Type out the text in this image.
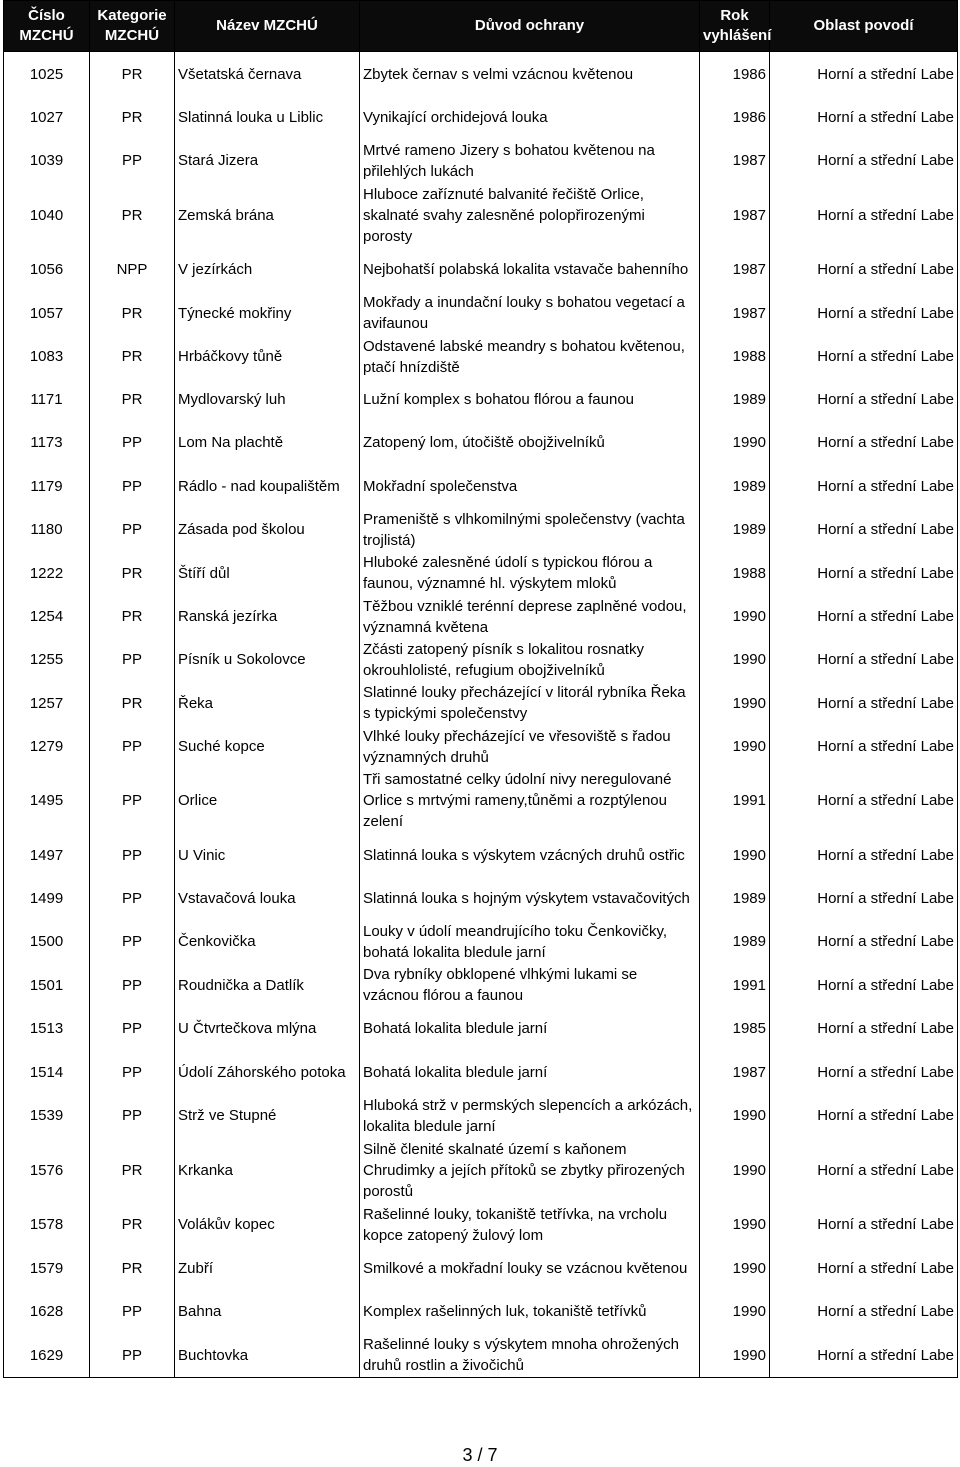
Číslo MZCHÚ	Kategorie MZCHÚ	Název MZCHÚ	Důvod ochrany	Rok vyhlášení	Oblast povodí
1025	PR	Všetatská černava	Zbytek černav s velmi vzácnou květenou	1986	Horní a střední Labe
1027	PR	Slatinná louka u Liblic	Vynikající orchidejová louka	1986	Horní a střední Labe
1039	PP	Stará Jizera	Mrtvé rameno Jizery s bohatou květenou na přilehlých lukách	1987	Horní a střední Labe
1040	PR	Zemská brána	Hluboce zaříznuté balvanité řečiště Orlice, skalnaté svahy zalesněné polopřirozenými porosty	1987	Horní a střední Labe
1056	NPP	V jezírkách	Nejbohatší polabská lokalita vstavače bahenního	1987	Horní a střední Labe
1057	PR	Týnecké mokřiny	Mokřady a inundační louky s bohatou vegetací a avifaunou	1987	Horní a střední Labe
1083	PR	Hrbáčkovy tůně	Odstavené labské meandry s bohatou květenou, ptačí hnízdiště	1988	Horní a střední Labe
1171	PR	Mydlovarský luh	Lužní komplex s bohatou flórou a faunou	1989	Horní a střední Labe
1173	PP	Lom Na plachtě	Zatopený lom, útočiště obojživelníků	1990	Horní a střední Labe
1179	PP	Rádlo - nad koupalištěm	Mokřadní společenstva	1989	Horní a střední Labe
1180	PP	Zásada pod školou	Prameniště s vlhkomilnými společenstvy (vachta trojlistá)	1989	Horní a střední Labe
1222	PR	Štíří důl	Hluboké zalesněné údolí s typickou flórou a faunou, významné hl. výskytem mloků	1988	Horní a střední Labe
1254	PR	Ranská jezírka	Těžbou vzniklé terénní deprese zaplněné vodou, významná květena	1990	Horní a střední Labe
1255	PP	Písník u Sokolovce	Zčásti zatopený písník s lokalitou rosnatky okrouhlolisté, refugium obojživelníků	1990	Horní a střední Labe
1257	PR	Řeka	Slatinné louky přecházející v litorál rybníka Řeka s typickými společenstvy	1990	Horní a střední Labe
1279	PP	Suché kopce	Vlhké louky přecházející ve vřesoviště s řadou významných druhů	1990	Horní a střední Labe
1495	PP	Orlice	Tři samostatné celky údolní nivy neregulované Orlice s mrtvými rameny,tůněmi a rozptýlenou zelení	1991	Horní a střední Labe
1497	PP	U Vinic	Slatinná louka s výskytem vzácných druhů ostřic	1990	Horní a střední Labe
1499	PP	Vstavačová louka	Slatinná louka s hojným výskytem vstavačovitých	1989	Horní a střední Labe
1500	PP	Čenkovička	Louky v údolí meandrujícího toku Čenkovičky, bohatá lokalita bledule jarní	1989	Horní a střední Labe
1501	PP	Roudnička a Datlík	Dva rybníky obklopené vlhkými lukami se vzácnou flórou a faunou	1991	Horní a střední Labe
1513	PP	U Čtvrtečkova mlýna	Bohatá lokalita bledule jarní	1985	Horní a střední Labe
1514	PP	Údolí Záhorského potoka	Bohatá lokalita bledule jarní	1987	Horní a střední Labe
1539	PP	Strž ve Stupné	Hluboká strž v permských slepencích a arkózách, lokalita bledule jarní	1990	Horní a střední Labe
1576	PR	Krkanka	Silně členité skalnaté území s kaňonem Chrudimky a jejích přítoků se zbytky přirozených porostů	1990	Horní a střední Labe
1578	PR	Volákův kopec	Rašelinné louky, tokaniště tetřívka, na vrcholu kopce zatopený žulový lom	1990	Horní a střední Labe
1579	PR	Zubří	Smilkové a mokřadní louky se vzácnou květenou	1990	Horní a střední Labe
1628	PP	Bahna	Komplex rašelinných luk, tokaniště tetřívků	1990	Horní a střední Labe
1629	PP	Buchtovka	Rašelinné louky s výskytem mnoha ohrožených druhů rostlin a živočichů	1990	Horní a střední Labe
3 / 7
